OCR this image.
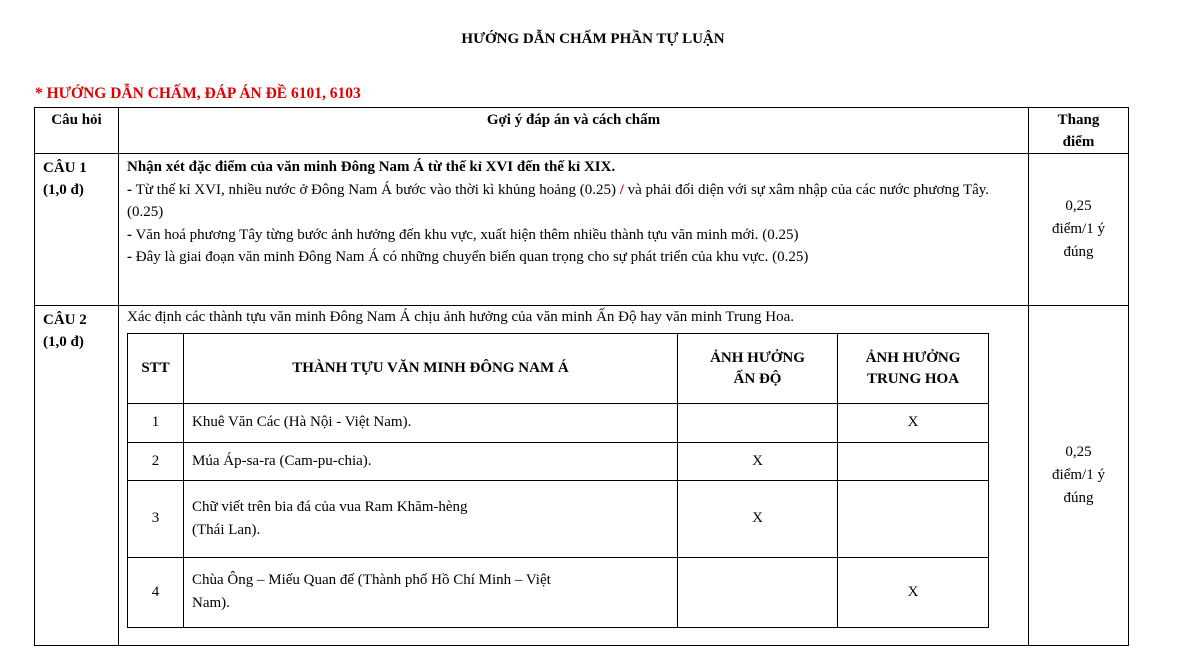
HƯỚNG DẪN CHẤM PHẦN TỰ LUẬN
* HƯỚNG DẪN CHẤM, ĐÁP ÁN ĐỀ 6101, 6103
Câu hỏi	Gợi ý đáp án và cách chấm	Thang
điểm
CÂU 1
(1,0 đ)	
Nhận xét đặc điểm của văn minh Đông Nam Á từ thế kỉ XVI đến thế kỉ XIX.
- Từ thế kỉ XVI, nhiều nước ở Đông Nam Á bước vào thời kì khủng hoảng (0.25) / và phải đối diện với sự xâm nhập của các nước phương Tây. (0.25)
- Văn hoá phương Tây từng bước ảnh hưởng đến khu vực, xuất hiện thêm nhiều thành tựu văn minh mới. (0.25)
- Đây là giai đoạn văn minh Đông Nam Á có những chuyển biến quan trọng cho sự phát triển của khu vực. (0.25)
	0,25
điểm/1 ý
đúng
CÂU 2
(1,0 đ)	
Xác định các thành tựu văn minh Đông Nam Á chịu ảnh hưởng của văn minh Ấn Độ hay văn minh Trung Hoa.
STT	THÀNH TỰU VĂN MINH ĐÔNG NAM Á	ẢNH HƯỞNG
ẤN ĐỘ	ẢNH HƯỞNG
TRUNG HOA
1	Khuê Văn Các (Hà Nội - Việt Nam).		X
2	Múa Áp-sa-ra (Cam-pu-chia).	X	
3	Chữ viết trên bia đá của vua Ram Khăm-hèng
(Thái Lan).	X	
4	Chùa Ông – Miếu Quan đế (Thành phố Hồ Chí Minh – Việt
Nam).		X
	0,25
điểm/1 ý
đúng
